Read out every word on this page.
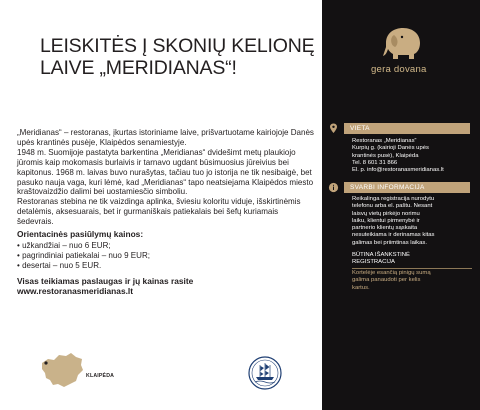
LEISKITĖS Į SKONIŲ KELIONĘ
LAIVE „MERIDIANAS“!

„Meridianas“ – restoranas, įkurtas istoriniame laive, prišvartuotame kairiojoje Danės upės krantinės pusėje, Klaipėdos senamiestyje.

1948 m. Suomijoje pastatyta barkentina „Meridianas“ dvidešimt metų plaukiojo jūromis kaip mokomasis burlaivis ir tarnavo ugdant būsimuosius jūreivius bei kapitonus. 1968 m. laivas buvo nurašytas, tačiau tuo jo istorija ne tik nesibaigė, bet pasuko nauja vaga, kuri lėmė, kad „Meridianas“ tapo neatsiejama Klaipėdos miesto kraštovaizdžio dalimi bei uostamiesčio simboliu.

Restoranas stebina ne tik vaizdinga aplinka, šviesiu koloritu viduje, išskirtinėmis detalėmis, aksesuarais, bet ir gurmaniškais patiekalais bei šefų kuriamais šedevrais.

Orientacinės pasiūlymų kainos:

• užkandžiai – nuo 6 EUR;
• pagrindiniai patiekalai – nuo 9 EUR;
• desertai – nuo 5 EUR.

Visas teikiamas paslaugas ir jų kainas rasite
www.restoranasmeridianas.lt

KLAIPĖDA
gera dovana
VIETA

Restoranas „Meridianas“

Kurpių g. (kairioji Danės upės

krantinės pusė), Klaipėda

Tel. 8 601 31 866

El. p. info@restoranasmeridianas.lt

SVARBI INFORMACIJA

Reikalinga registracija nurodytu

telefonu arba el. paštu. Nesant

laisvų vietų pirkėjo norimu

laiku, klientui pirmenybė ir

partnerio klientų sąskaita

nesuteikiama ir derinamas kitas

galimas bei priimtinas laikas.

BŪTINA IŠANKSTINĖ

REGISTRACIJA

Kortelėje esančią pinigų sumą

galima panaudoti per kelis

kartus.
